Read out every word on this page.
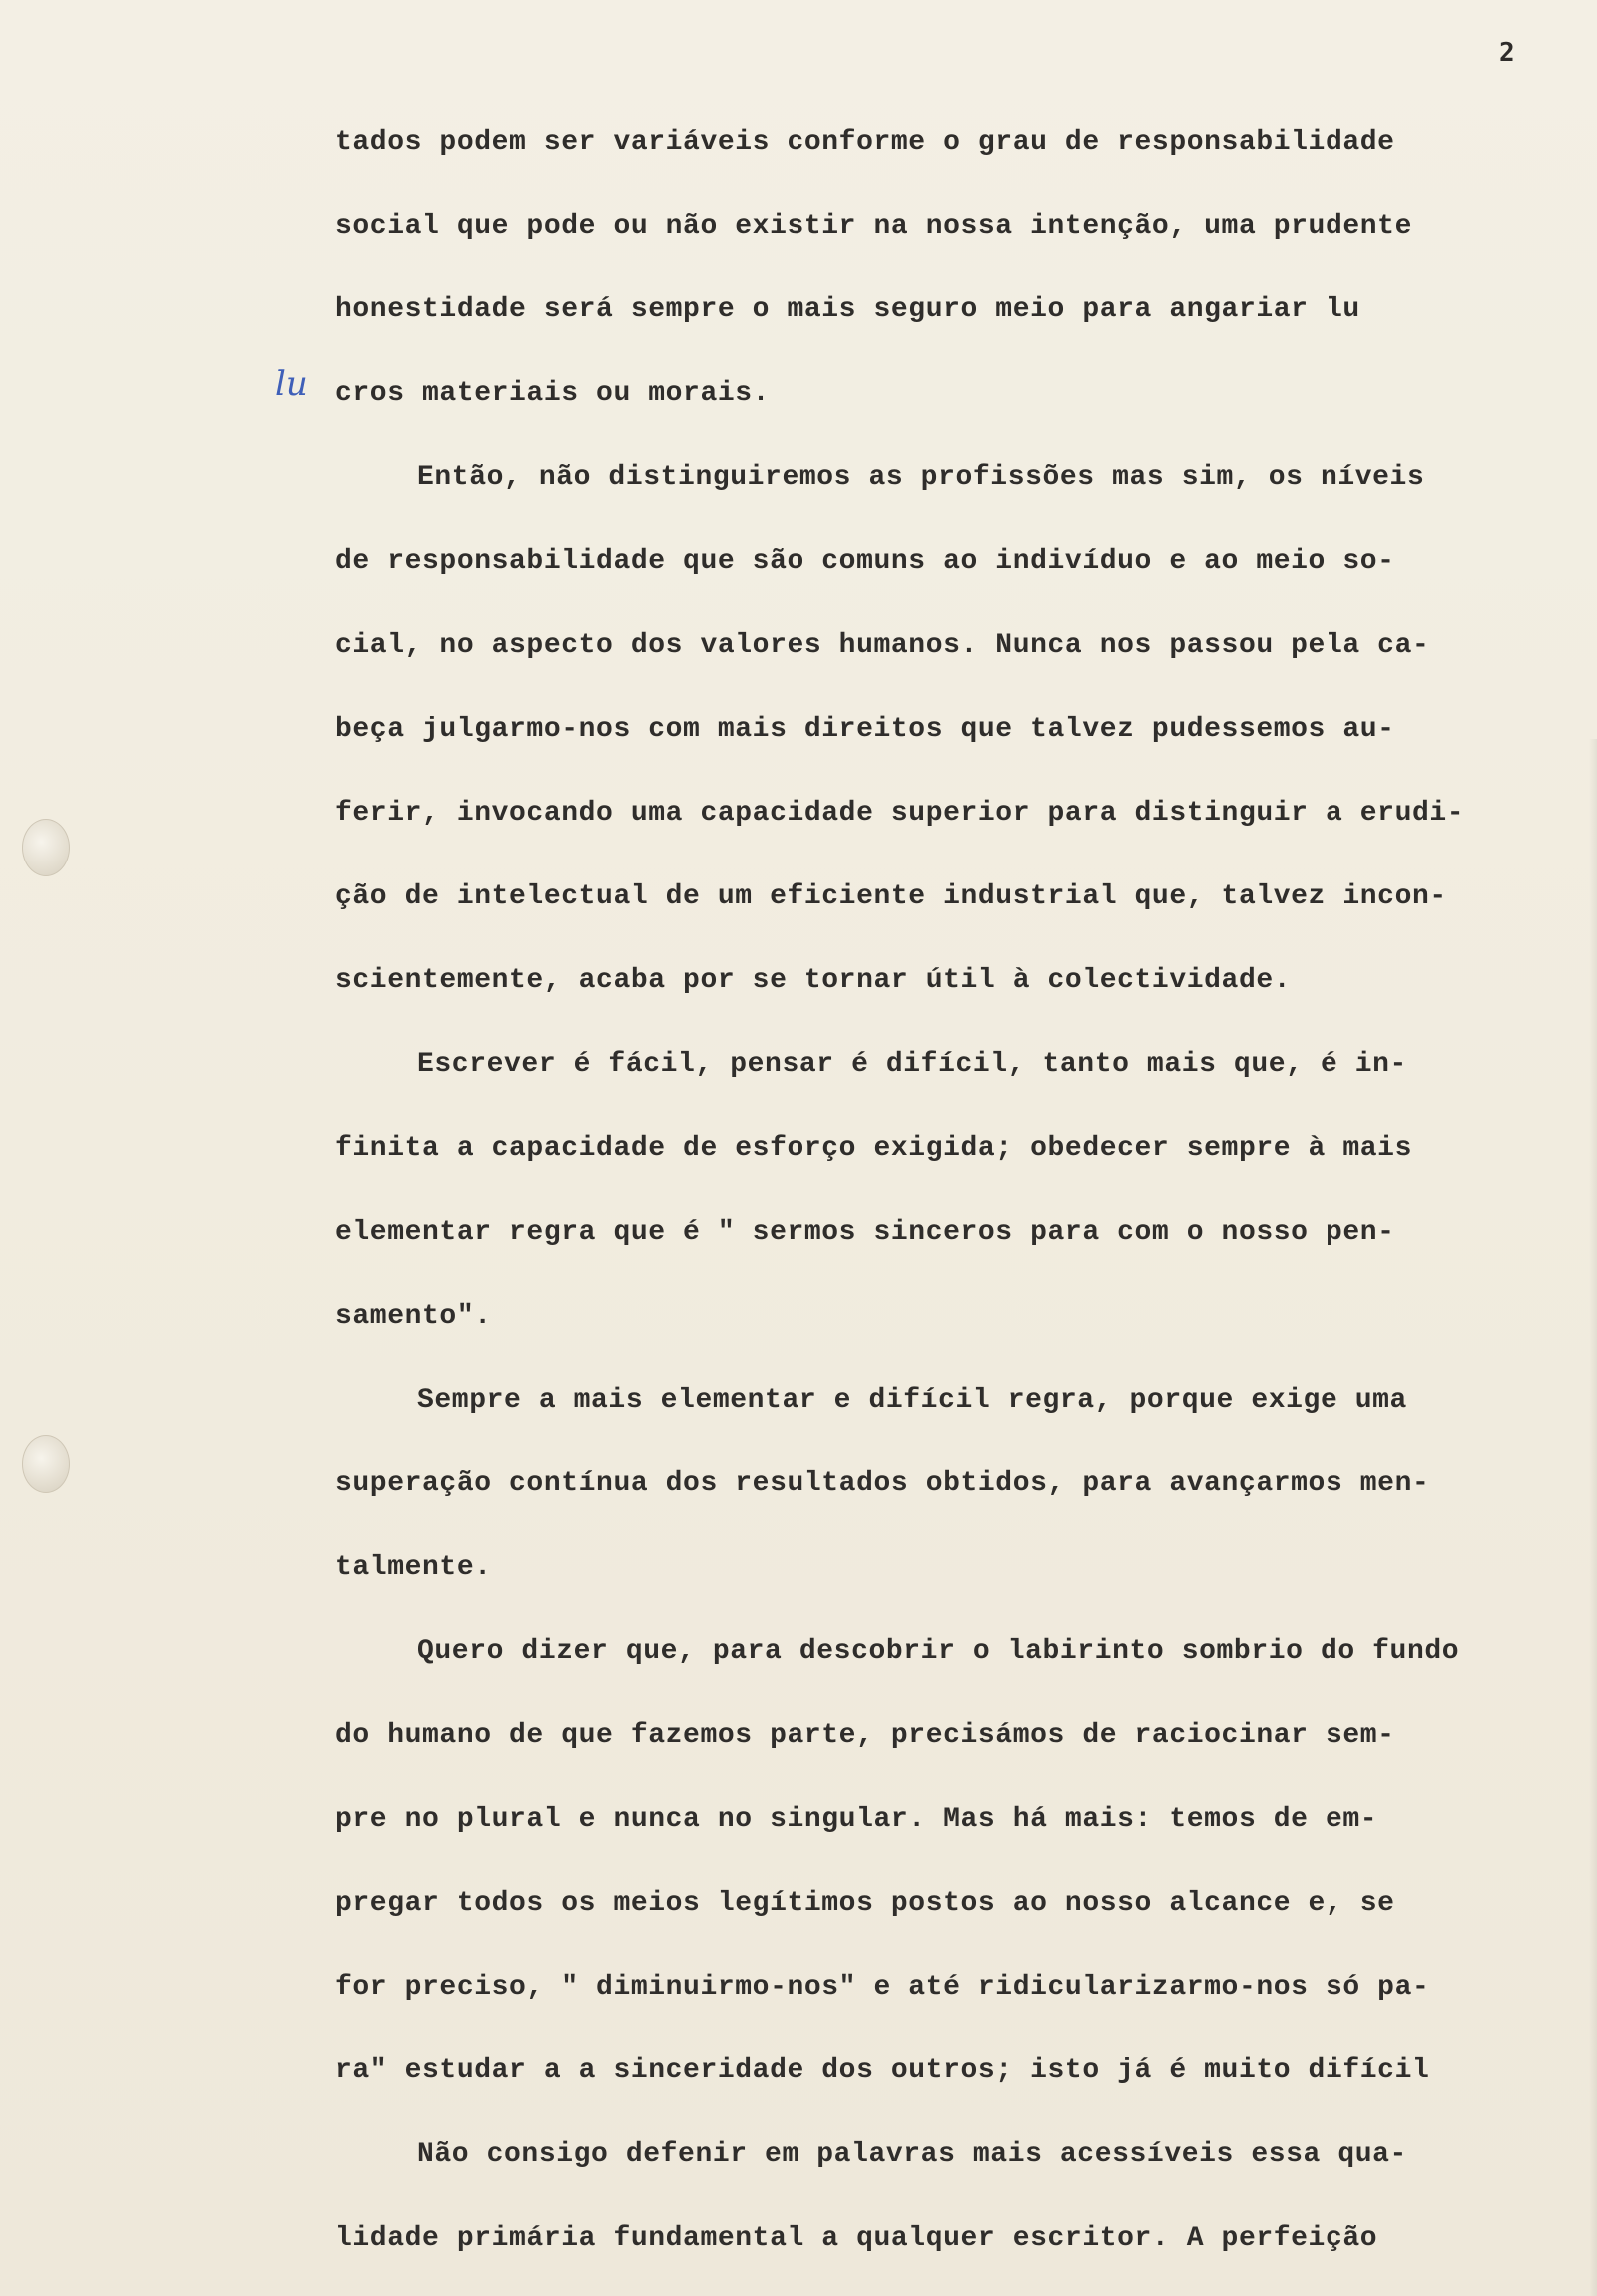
2
lu
tados podem ser variáveis conforme o grau de responsabilidade
social que pode ou não existir na nossa intenção, uma prudente
honestidade será sempre o mais seguro meio para angariar lu
cros materiais ou morais.
Então, não distinguiremos as profissões mas sim, os níveis
de responsabilidade que são comuns ao indivíduo e ao meio so-
cial, no aspecto dos valores humanos. Nunca nos passou pela ca-
beça julgarmo-nos com mais direitos que talvez pudessemos au-
ferir, invocando uma capacidade superior para distinguir a erudi-
ção de intelectual de um eficiente industrial que, talvez incon-
scientemente, acaba por se tornar útil à colectividade.
Escrever é fácil, pensar é difícil, tanto mais que, é in-
finita a capacidade de esforço exigida; obedecer sempre à mais
elementar regra que é " sermos sinceros para com o nosso pen-
samento".
Sempre a mais elementar e difícil regra, porque exige uma
superação contínua dos resultados obtidos, para avançarmos men-
talmente.
Quero dizer que, para descobrir o labirinto sombrio do fundo
do humano de que fazemos parte, precisámos de raciocinar sem-
pre no plural e nunca no singular. Mas há mais: temos de em-
pregar todos os meios legítimos postos ao nosso alcance e, se
for preciso, " diminuirmo-nos" e até ridicularizarmo-nos só pa-
ra" estudar a a sinceridade dos outros; isto já é muito difícil
Não consigo defenir em palavras mais acessíveis essa qua-
lidade primária fundamental a qualquer escritor. A perfeição
